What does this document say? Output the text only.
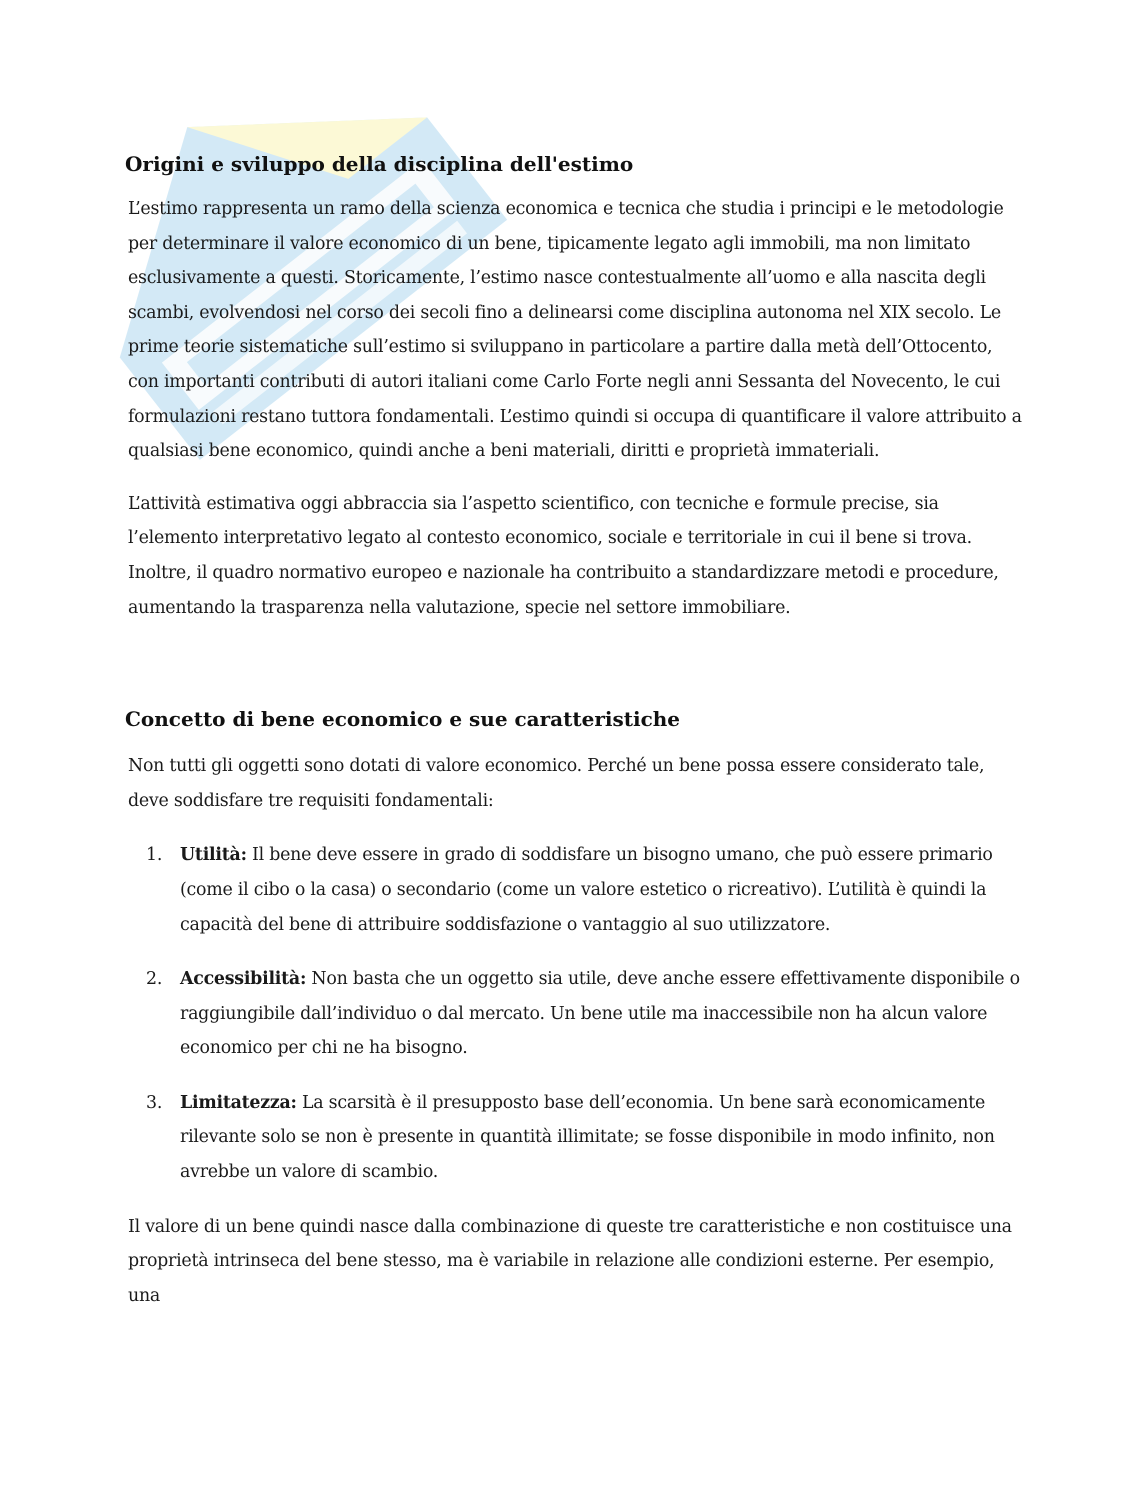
Origini e sviluppo della disciplina dell'estimo

L’estimo rappresenta un ramo della scienza economica e tecnica che studia i principi e le metodologie per determinare il valore economico di un bene, tipicamente legato agli immobili, ma non limitato esclusivamente a questi. Storicamente, l’estimo nasce contestualmente all’uomo e alla nascita degli scambi, evolvendosi nel corso dei secoli fino a delinearsi come disciplina autonoma nel XIX secolo. Le prime teorie sistematiche sull’estimo si sviluppano in particolare a partire dalla metà dell’Ottocento, con importanti contributi di autori italiani come Carlo Forte negli anni Sessanta del Novecento, le cui formulazioni restano tuttora fondamentali. L’estimo quindi si occupa di quantificare il valore attribuito a qualsiasi bene economico, quindi anche a beni materiali, diritti e proprietà immateriali.

L’attività estimativa oggi abbraccia sia l’aspetto scientifico, con tecniche e formule precise, sia l’elemento interpretativo legato al contesto economico, sociale e territoriale in cui il bene si trova. Inoltre, il quadro normativo europeo e nazionale ha contribuito a standardizzare metodi e procedure, aumentando la trasparenza nella valutazione, specie nel settore immobiliare.

Concetto di bene economico e sue caratteristiche

Non tutti gli oggetti sono dotati di valore economico. Perché un bene possa essere considerato tale, deve soddisfare tre requisiti fondamentali:

1. Utilità: Il bene deve essere in grado di soddisfare un bisogno umano, che può essere primario (come il cibo o la casa) o secondario (come un valore estetico o ricreativo). L’utilità è quindi la capacità del bene di attribuire soddisfazione o vantaggio al suo utilizzatore.
2. Accessibilità: Non basta che un oggetto sia utile, deve anche essere effettivamente disponibile o raggiungibile dall’individuo o dal mercato. Un bene utile ma inaccessibile non ha alcun valore economico per chi ne ha bisogno.
3. Limitatezza: La scarsità è il presupposto base dell’economia. Un bene sarà economicamente rilevante solo se non è presente in quantità illimitate; se fosse disponibile in modo infinito, non avrebbe un valore di scambio.

Il valore di un bene quindi nasce dalla combinazione di queste tre caratteristiche e non costituisce una proprietà intrinseca del bene stesso, ma è variabile in relazione alle condizioni esterne. Per esempio, una
